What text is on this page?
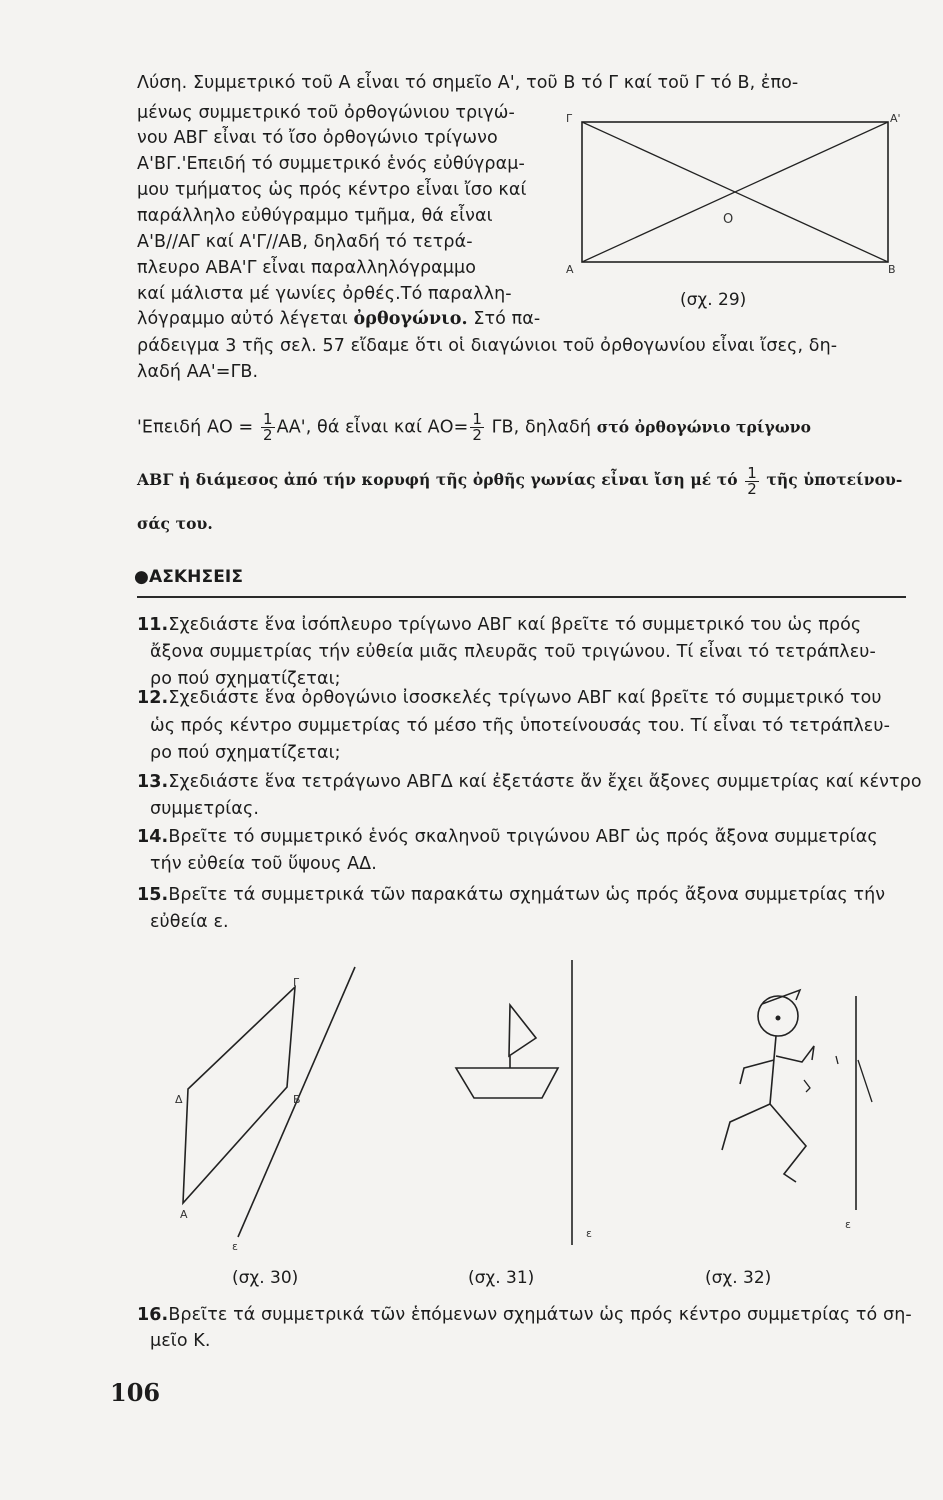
Λύση. Συμμετρικό τοῦ Α εἶναι τό σημεῖο Α', τοῦ Β τό Γ καί τοῦ Γ τό Β, ἐπο-
μένως συμμετρικό τοῦ ὀρθογώνιου τριγώ-
νου ΑΒΓ εἶναι τό ἴσο ὀρθογώνιο τρίγωνο
Α'ΒΓ.'Επειδή τό συμμετρικό ἑνός εὐθύγραμ-
μου τμήματος ὡς πρός κέντρο εἶναι ἴσο καί
παράλληλο εὐθύγραμμο τμῆμα, θά εἶναι
Α'Β//ΑΓ καί Α'Γ//ΑΒ, δηλαδή τό τετρά-
πλευρο ΑΒΑ'Γ εἶναι παραλληλόγραμμο
καί μάλιστα μέ γωνίες ὀρθές.Τό παραλλη-
λόγραμμο αὐτό λέγεται ὀρθογώνιο. Στό πα-
ράδειγμα 3 τῆς σελ. 57 εἴδαμε ὅτι οἱ διαγώνιοι τοῦ ὀρθογωνίου εἶναι ἴσες, δη-
λαδή ΑΑ'=ΓΒ.
'Επειδή $AO = \frac{1}{2} AA'$, θά εἶναι καί $AO= \frac{1}{2} \Gamma B$, δηλαδή στό ὀρθογώνιο τρίγωνο
ΑΒΓ ἡ διάμεσος ἀπό τήν κορυφή τῆς ὀρθῆς γωνίας εἶναι ἴση μέ τό $\frac{1}{2}$ τῆς ὑποτείνου-
σάς του.
Γ	Α'
Ο
Α	Β
(σχ. 29)
●ΑΣΚΗΣΕΙΣ
11.Σχεδιάστε ἕνα ἰσόπλευρο τρίγωνο ΑΒΓ καί βρεῖτε τό συμμετρικό του ὡς πρός
ἄξονα συμμετρίας τήν εὐθεία μιᾶς πλευρᾶς τοῦ τριγώνου. Τί εἶναι τό τετράπλευ-
ρο πού σχηματίζεται;
12.Σχεδιάστε ἕνα ὀρθογώνιο ἰσοσκελές τρίγωνο ΑΒΓ καί βρεῖτε τό συμμετρικό του
ὡς πρός κέντρο συμμετρίας τό μέσο τῆς ὑποτείνουσάς του. Τί εἶναι τό τετράπλευ-
ρο πού σχηματίζεται;
13.Σχεδιάστε ἕνα τετράγωνο ΑΒΓΔ καί ἐξετάστε ἄν ἔχει ἄξονες συμμετρίας καί κέντρο
συμμετρίας.
14.Βρεῖτε τό συμμετρικό ἑνός σκαληνοῦ τριγώνου ΑΒΓ ὡς πρός ἄξονα συμμετρίας
τήν εὐθεία τοῦ ὕψους ΑΔ.
15.Βρεῖτε τά συμμετρικά τῶν παρακάτω σχημάτων ὡς πρός ἄξονα συμμετρίας τήν
εὐθεία ε.
Γ
Δ	Β
Α
ε
(σχ. 30)
ε
(σχ. 31)
ε
(σχ. 32)
16.Βρεῖτε τά συμμετρικά τῶν ἑπόμενων σχημάτων ὡς πρός κέντρο συμμετρίας τό ση-
μεῖο Κ.
106
